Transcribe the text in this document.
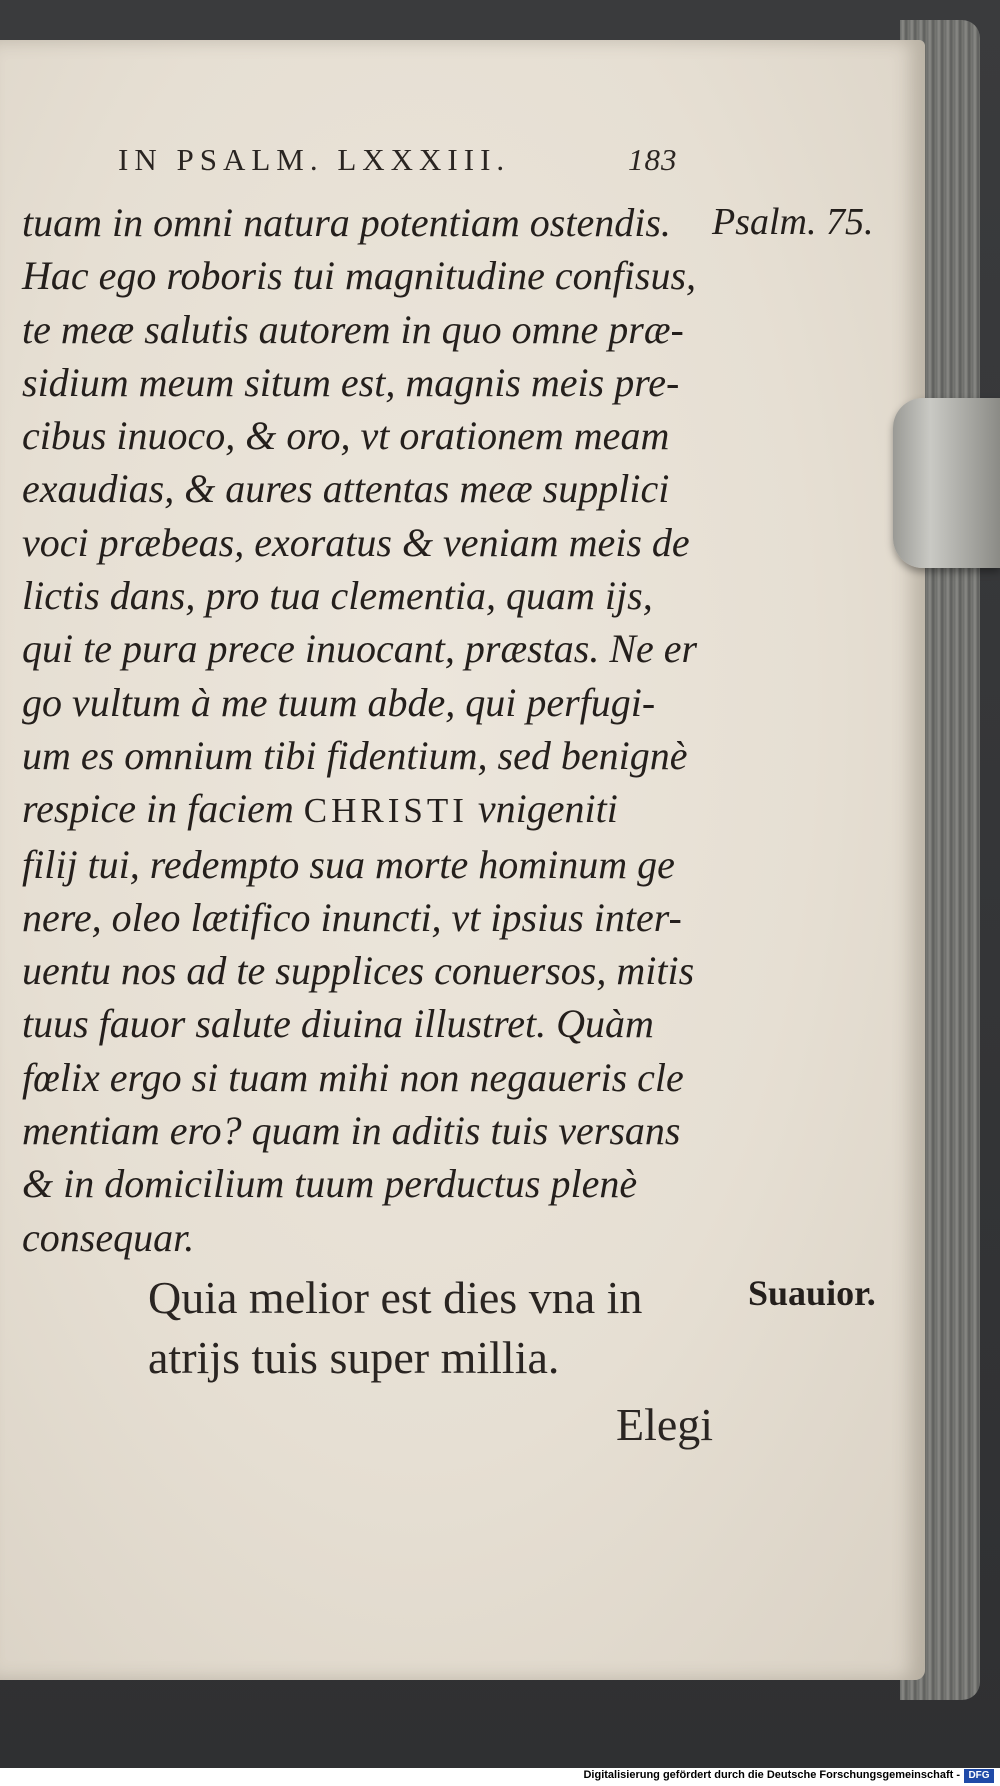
IN PSALM. LXXXIII.	183
tuam in omni natura potentiam ostendis.
Hac ego roboris tui magnitudine confisus,
te meæ salutis autorem in quo omne præ-
sidium meum situm est, magnis meis pre-
cibus inuoco, & oro, vt orationem meam
exaudias, & aures attentas meæ supplici
voci præbeas, exoratus & veniam meis de
lictis dans, pro tua clementia, quam ijs,
qui te pura prece inuocant, præstas. Ne er
go vultum à me tuum abde, qui perfugi-
um es omnium tibi fidentium, sed benignè
respice in faciem CHRISTI vnigeniti
filij tui, redempto sua morte hominum ge
nere, oleo lætifico inuncti, vt ipsius inter-
uentu nos ad te supplices conuersos, mitis
tuus fauor salute diuina illustret. Quàm
fœlix ergo si tuam mihi non negaueris cle
mentiam ero? quam in aditis tuis versans
& in domicilium tuum perductus plenè
consequar.
Psalm. 75.
Suauior.
Quia melior est dies vna in
atrijs tuis super millia.
Elegi
Digitalisierung gefördert durch die Deutsche Forschungsgemeinschaft - DFG
